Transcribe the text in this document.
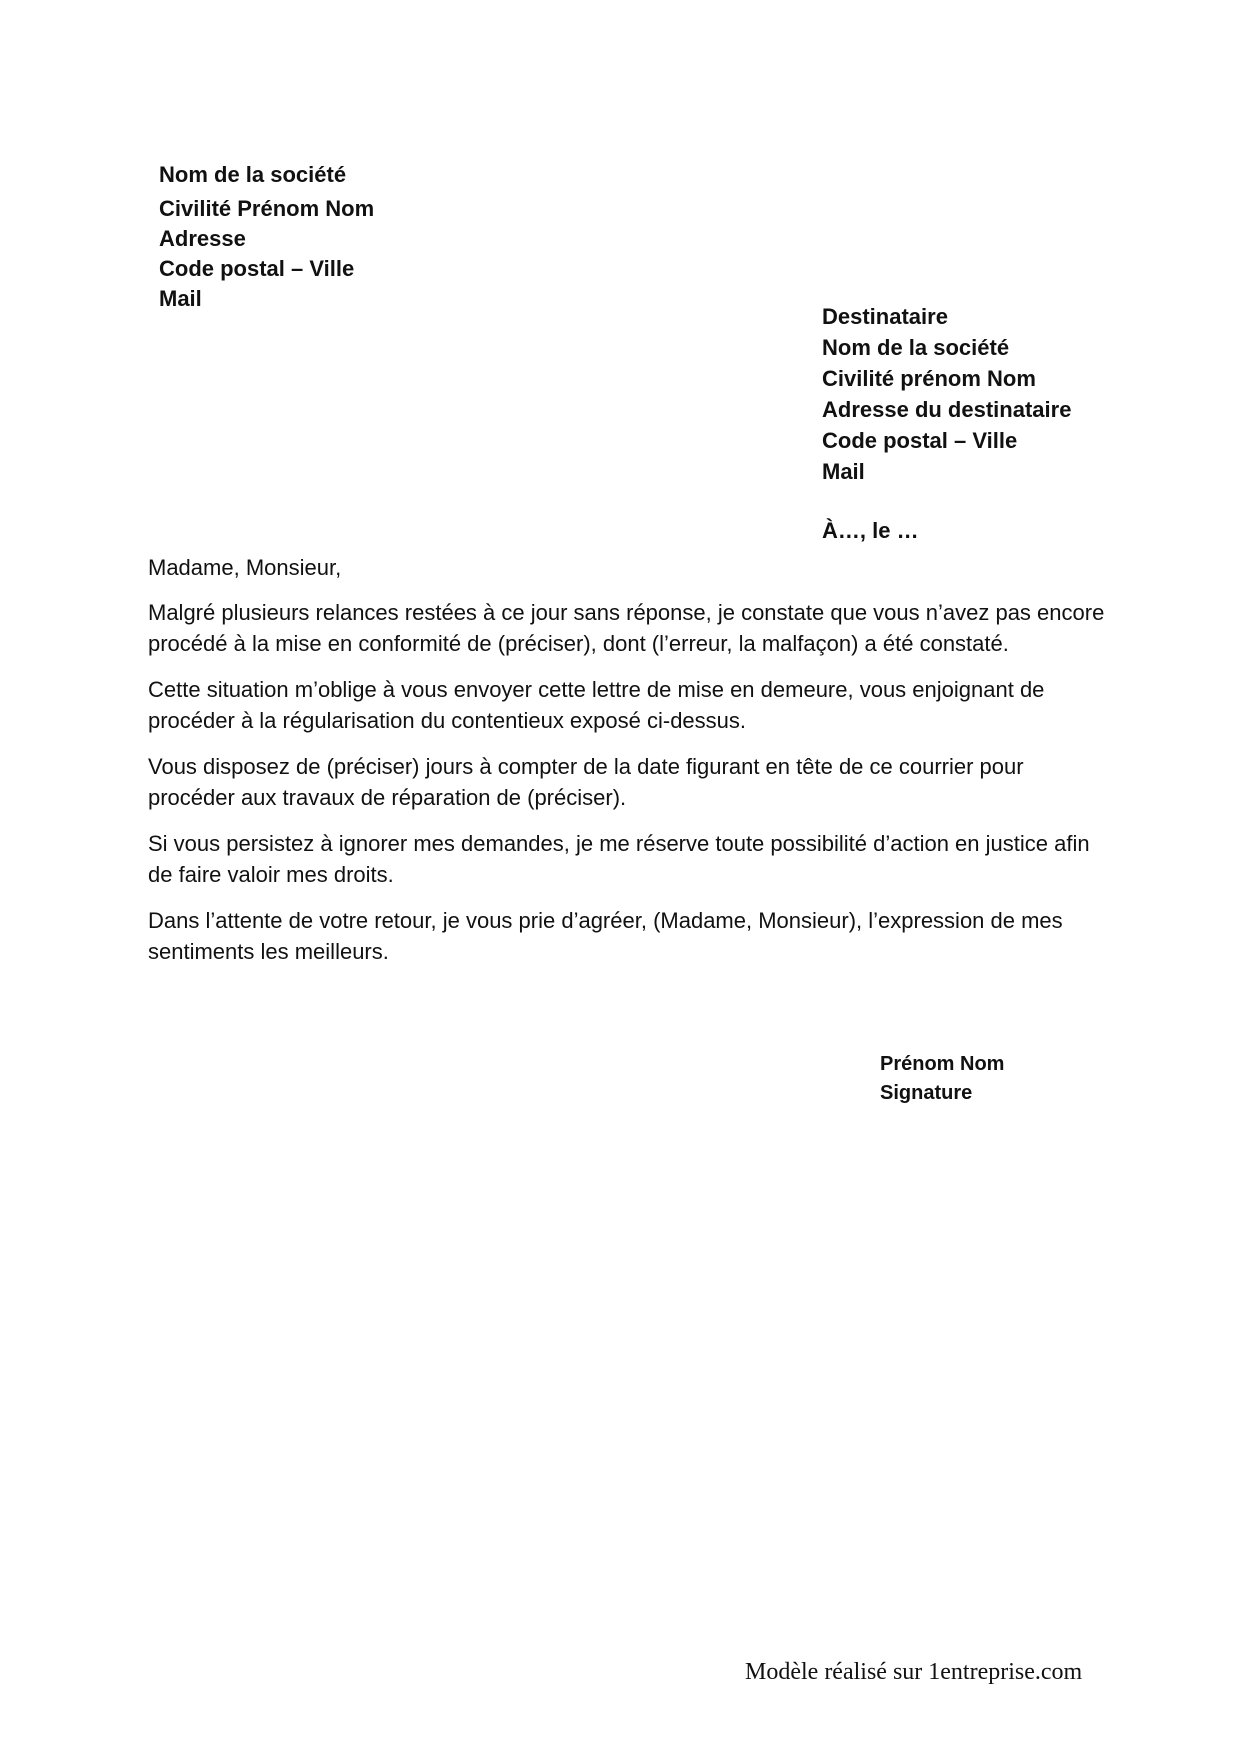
Nom de la société
Civilité Prénom Nom
Adresse
Code postal – Ville
Mail
Destinataire
Nom de la société
Civilité prénom Nom
Adresse du destinataire
Code postal – Ville
Mail
À…, le …
Madame, Monsieur,

Malgré plusieurs relances restées à ce jour sans réponse, je constate que vous n’avez pas encore procédé à la mise en conformité de (préciser), dont (l’erreur, la malfaçon) a été constaté.

Cette situation m’oblige à vous envoyer cette lettre de mise en demeure, vous enjoignant de procéder à la régularisation du contentieux exposé ci-dessus.

Vous disposez de (préciser) jours à compter de la date figurant en tête de ce courrier pour procéder aux travaux de réparation de (préciser).

Si vous persistez à ignorer mes demandes, je me réserve toute possibilité d’action en justice afin de faire valoir mes droits.

Dans l’attente de votre retour, je vous prie d’agréer, (Madame, Monsieur), l’expression de mes sentiments les meilleurs.

Prénom Nom
Signature
Modèle réalisé sur 1entreprise.com
